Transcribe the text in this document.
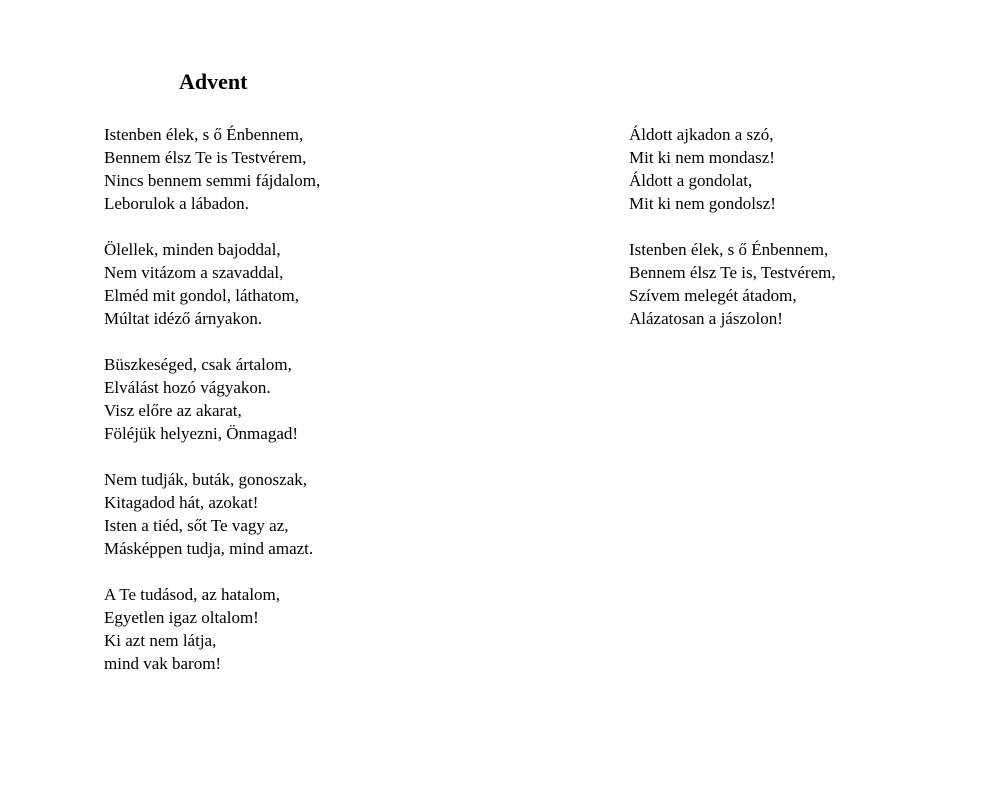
Advent
Istenben élek, s ő Énbennem,
Bennem élsz Te is Testvérem,
Nincs bennem semmi fájdalom,
Leborulok a lábadon.
Ölellek, minden bajoddal,
Nem vitázom a szavaddal,
Elméd mit gondol, láthatom,
Múltat idéző árnyakon.
Büszkeséged, csak ártalom,
Elválást hozó vágyakon.
Visz előre az akarat,
Föléjük helyezni, Önmagad!
Nem tudják, buták, gonoszak,
Kitagadod hát, azokat!
Isten a tiéd, sőt Te vagy az,
Másképpen tudja, mind amazt.
A Te tudásod, az hatalom,
Egyetlen igaz oltalom!
Ki azt nem látja,
mind vak barom!
Áldott ajkadon a szó,
Mit ki nem mondasz!
Áldott a gondolat,
Mit ki nem gondolsz!
Istenben élek, s ő Énbennem,
Bennem élsz Te is, Testvérem,
Szívem melegét átadom,
Alázatosan a jászolon!
